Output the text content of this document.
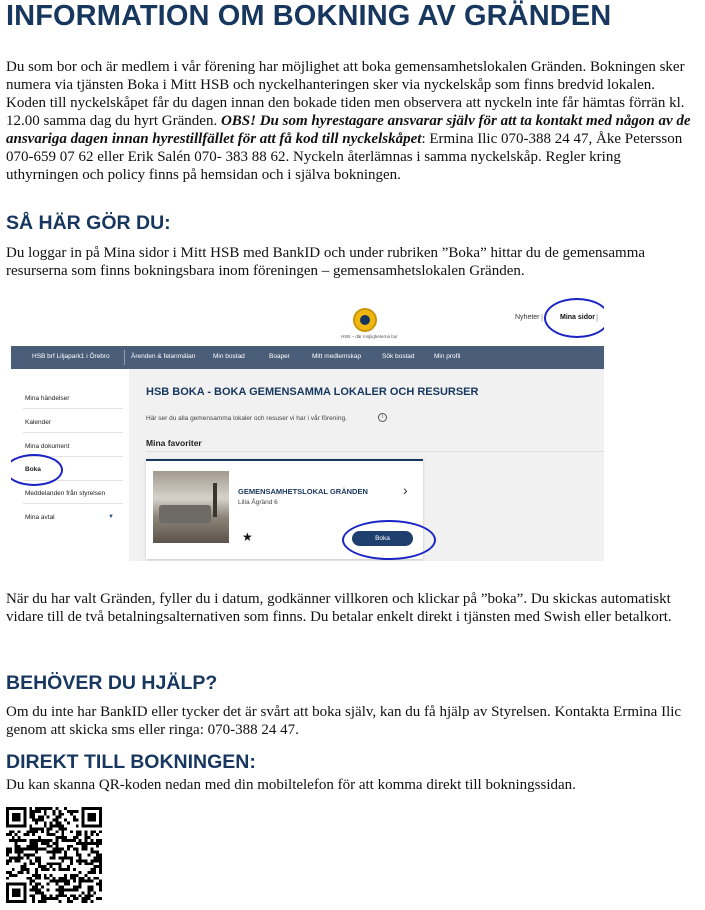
INFORMATION OM BOKNING AV GRÄNDEN

Du som bor och är medlem i vår förening har möjlighet att boka gemensamhetslokalen Gränden. Bokningen sker numera via tjänsten Boka i Mitt HSB och nyckelhanteringen sker via nyckelskåp som finns bredvid lokalen. Koden till nyckelskåpet får du dagen innan den bokade tiden men observera att nyckeln inte får hämtas förrän kl. 12.00 samma dag du hyrt Gränden. OBS! Du som hyrestagare ansvarar själv för att ta kontakt med någon av de ansvariga dagen innan hyrestillfället för att få kod till nyckelskåpet: Ermina Ilic 070-388 24 47, Åke Petersson 070-659 07 62 eller Erik Salén 070- 383 88 62. Nyckeln återlämnas i samma nyckelskåp. Regler kring uthyrningen och policy finns på hemsidan och i själva bokningen.

SÅ HÄR GÖR DU:

Du loggar in på Mina sidor i Mitt HSB med BankID och under rubriken ”Boka” hittar du de gemensamma resurserna som finns bokningsbara inom föreningen – gemensamhetslokalen Gränden.

HSB – där möjligheterna bor
Nyheter | Mina sidor |
HSB brf Liljapark1 i Örebro	Ärenden & felanmälan	Min bostad	Boaper	Mitt medlemskap	Sök bostad	Min profil
Mina händelser
Kalender
Mina dokument
Boka
Meddelanden från styrelsen
Mina avtal	▼
HSB BOKA - BOKA GEMENSAMMA LOKALER OCH RESURSER
Här ser du alla gemensamma lokaler och resuser vi har i vår förening.	i
Mina favoriter
GEMENSAMHETSLOKAL GRÄNDEN
Lilla Ågränd 6
›
★	Boka

När du har valt Gränden, fyller du i datum, godkänner villkoren och klickar på ”boka”. Du skickas automatiskt vidare till de två betalningsalternativen som finns. Du betalar enkelt direkt i tjänsten med Swish eller betalkort.

BEHÖVER DU HJÄLP?

Om du inte har BankID eller tycker det är svårt att boka själv, kan du få hjälp av Styrelsen. Kontakta Ermina Ilic genom att skicka sms eller ringa: 070-388 24 47.

DIREKT TILL BOKNINGEN:

Du kan skanna QR-koden nedan med din mobiltelefon för att komma direkt till bokningssidan.
